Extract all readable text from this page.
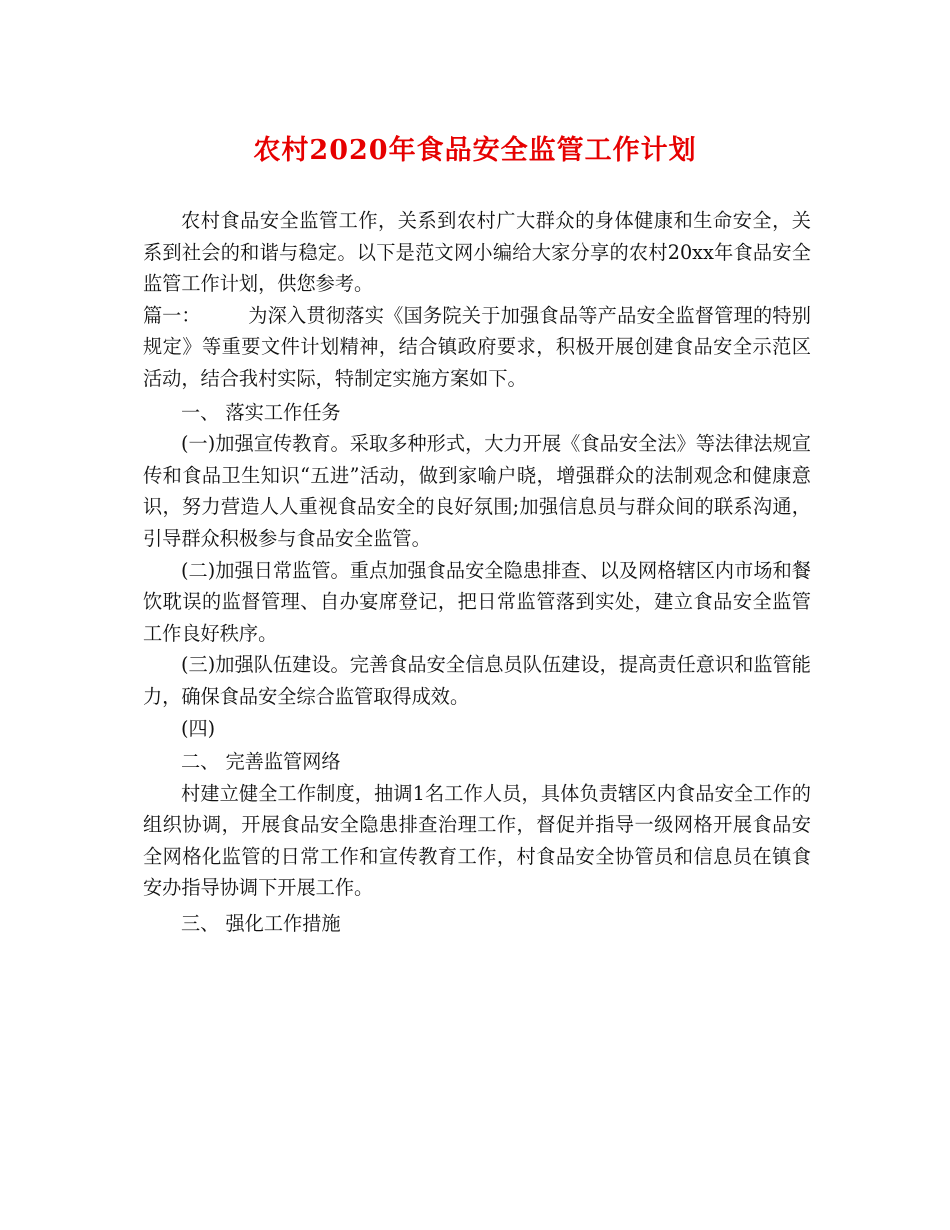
农村2020年食品安全监管工作计划

农村食品安全监管工作，关系到农村广大群众的身体健康和生命安全，关系到社会的和谐与稳定。以下是范文网小编给大家分享的农村20xx年食品安全监管工作计划，供您参考。

篇一： 为深入贯彻落实《国务院关于加强食品等产品安全监督管理的特别规定》等重要文件计划精神，结合镇政府要求，积极开展创建食品安全示范区活动，结合我村实际，特制定实施方案如下。

一、 落实工作任务

(一)加强宣传教育。采取多种形式，大力开展《食品安全法》等法律法规宣传和食品卫生知识“五进”活动，做到家喻户晓，增强群众的法制观念和健康意识，努力营造人人重视食品安全的良好氛围;加强信息员与群众间的联系沟通，引导群众积极参与食品安全监管。

(二)加强日常监管。重点加强食品安全隐患排查、以及网格辖区内市场和餐饮耽误的监督管理、自办宴席登记，把日常监管落到实处，建立食品安全监管工作良好秩序。

(三)加强队伍建设。完善食品安全信息员队伍建设，提高责任意识和监管能力，确保食品安全综合监管取得成效。

(四)

二、 完善监管网络

村建立健全工作制度，抽调1名工作人员，具体负责辖区内食品安全工作的组织协调，开展食品安全隐患排查治理工作，督促并指导一级网格开展食品安全网格化监管的日常工作和宣传教育工作，村食品安全协管员和信息员在镇食安办指导协调下开展工作。

三、 强化工作措施
